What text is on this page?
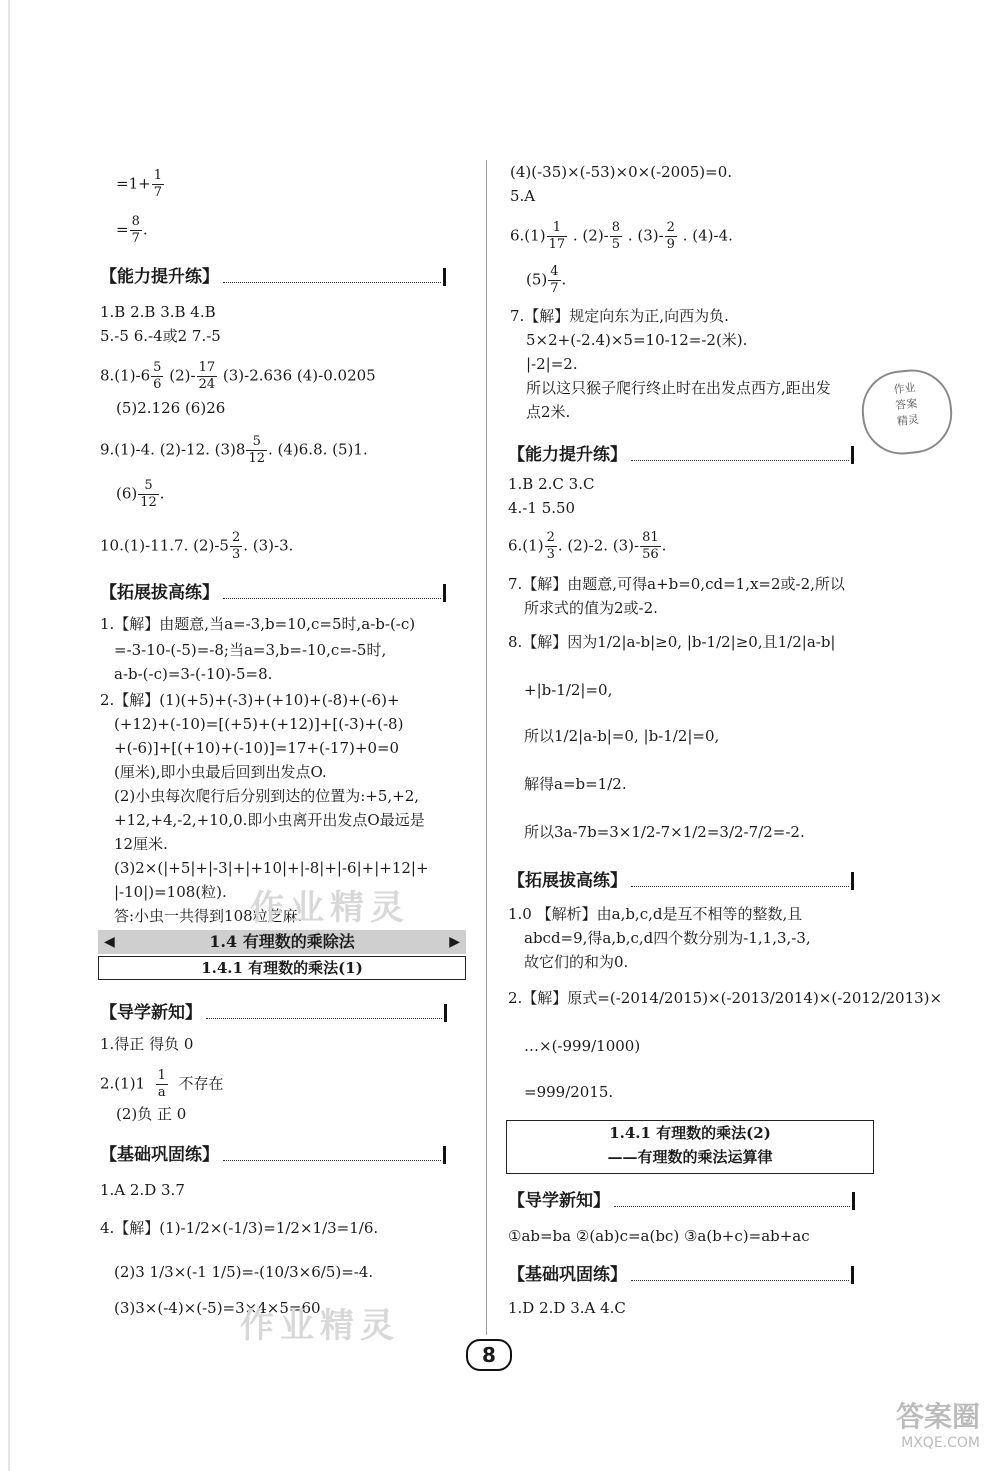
$=1+ \frac{1}{7}$
= $\frac{8}{7}$ .
【能力提升练】
1.B 2.B 3.B 4.B
5.-5 6.-4或2 7.-5
$8.(1)-6 \frac{5}{6} (2)- \frac{17}{24} (3)-2.636$ (4)-0.0205
(5)2.126 (6)26
9.(1)-4. (2)-12. $(3)8 \frac{5}{12}$ . (4)6.8. (5)1.
$(6) \frac{5}{12}$ .
10.(1)-11.7. $(2)-5 \frac{2}{3}$ . (3)-3.
【拓展拔高练】
1.【解】由题意,当a=-3,b=10,c=5时,a-b-(-c)
=-3-10-(-5)=-8;当a=3,b=-10,c=-5时,
a-b-(-c)=3-(-10)-5=8.
2.【解】(1)(+5)+(-3)+(+10)+(-8)+(-6)+
(+12)+(-10)=[(+5)+(+12)]+[(-3)+(-8)
+(-6)]+[(+10)+(-10)]=17+(-17)+0=0
(厘米),即小虫最后回到出发点O.
(2)小虫每次爬行后分别到达的位置为:+5,+2,
+12,+4,-2,+10,0.即小虫离开出发点O最远是
12厘米.
(3)2×(|+5|+|-3|+|+10|+|-8|+|-6|+|+12|+
|-10|)=108(粒).
答:小虫一共得到108粒芝麻.
◀	1.4 有理数的乘除法	▶
1.4.1 有理数的乘法(1)
【导学新知】
1.得正 得负 0
$2.(1)1 \frac{1}{a}$ 不存在
(2)负 正 0
【基础巩固练】
1.A 2.D 3.7
4.【解】(1)-1/2×(-1/3)=1/2×1/3=1/6.
(2)3 1/3×(-1 1/5)=-(10/3×6/5)=-4.
(3)3×(-4)×(-5)=3×4×5=60.
(4)(-35)×(-53)×0×(-2005)=0.
5.A
$6.(1) \frac{1}{17}$ . $(2)- \frac{8}{5}$ . $(3)- \frac{2}{9}$ . (4)-4.
$(5) \frac{4}{7}$ .
7.【解】规定向东为正,向西为负.
5×2+(-2.4)×5=10-12=-2(米).
|-2|=2.
所以这只猴子爬行终止时在出发点西方,距出发
点2米.
作业
答案
精灵
【能力提升练】
1.B 2.C 3.C
4.-1 5.50
$6.(1) \frac{2}{3}$ . (2)-2. $(3)- \frac{81}{56}$ .
7.【解】由题意,可得a+b=0,cd=1,x=2或-2,所以
所求式的值为2或-2.
8.【解】因为1/2|a-b|≥0, |b-1/2|≥0,且1/2|a-b|
+|b-1/2|=0,
所以1/2|a-b|=0, |b-1/2|=0,
解得a=b=1/2.
所以3a-7b=3×1/2-7×1/2=3/2-7/2=-2.
【拓展拔高练】
1.0 【解析】由a,b,c,d是互不相等的整数,且
abcd=9,得a,b,c,d四个数分别为-1,1,3,-3,
故它们的和为0.
2.【解】原式=(-2014/2015)×(-2013/2014)×(-2012/2013)×
…×(-999/1000)
=999/2015.
1.4.1 有理数的乘法(2)
——有理数的乘法运算律
【导学新知】
①ab=ba ②(ab)c=a(bc) ③a(b+c)=ab+ac
【基础巩固练】
1.D 2.D 3.A 4.C
作业精灵
作业精灵
8
答案圈
MXQE.COM
